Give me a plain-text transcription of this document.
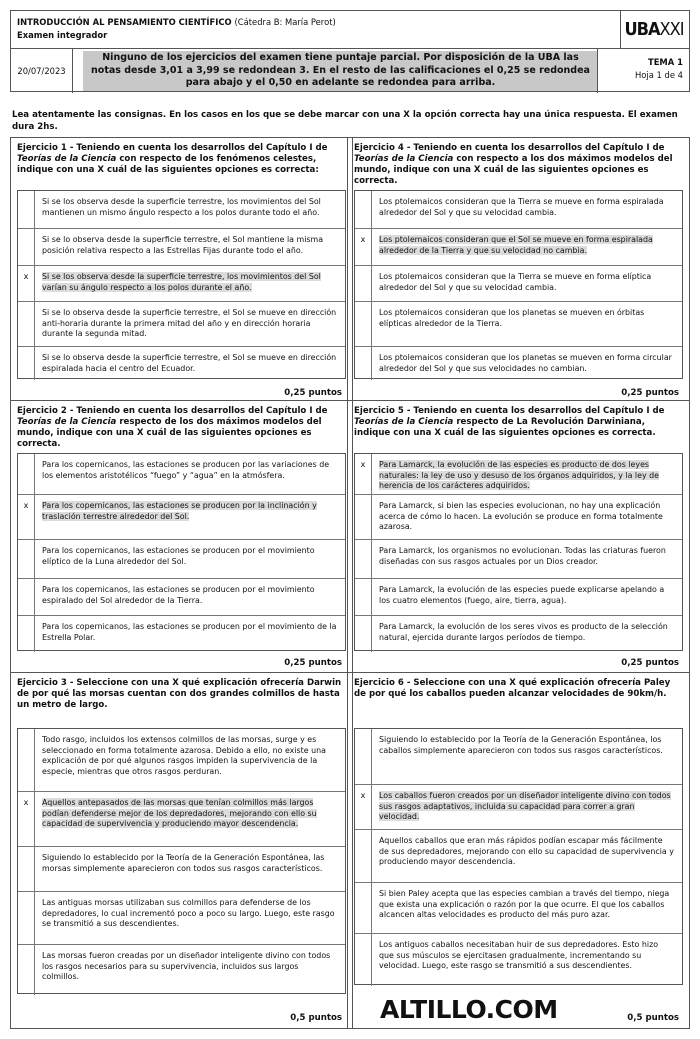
INTRODUCCIÓN AL PENSAMIENTO CIENTÍFICO (Cátedra B: María Perot)
Examen integrador	UBA XXI
20/07/2023
Ninguno de los ejercicios del examen tiene puntaje parcial. Por disposición de la UBA las notas desde 3,01 a 3,99 se redondean 3. En el resto de las calificaciones el 0,25 se redondea para abajo y el 0,50 en adelante se redondea para arriba.
TEMA 1
Hoja 1 de 4
Lea atentamente las consignas. En los casos en los que se debe marcar con una X la opción correcta hay una única respuesta. El examen dura 2hs.
Ejercicio 1 - Teniendo en cuenta los desarrollos del Capítulo I de Teorías de la Ciencia con respecto de los fenómenos celestes, indique con una X cuál de las siguientes opciones es correcta:
Si se los observa desde la superficie terrestre, los movimientos del Sol mantienen un mismo ángulo respecto a los polos durante todo el año.
Si se lo observa desde la superficie terrestre, el Sol mantiene la misma posición relativa respecto a las Estrellas Fijas durante todo el año.
x	Si se los observa desde la superficie terrestre, los movimientos del Sol varían su ángulo respecto a los polos durante el año.
Si se lo observa desde la superficie terrestre, el Sol se mueve en dirección anti-horaria durante la primera mitad del año y en dirección horaria durante la segunda mitad.
Si se lo observa desde la superficie terrestre, el Sol se mueve en dirección espiralada hacia el centro del Ecuador.
0,25 puntos
Ejercicio 2 - Teniendo en cuenta los desarrollos del Capítulo I de Teorías de la Ciencia respecto de los dos máximos modelos del mundo, indique con una X cuál de las siguientes opciones es correcta.
Para los copernicanos, las estaciones se producen por las variaciones de los elementos aristotélicos “fuego” y “agua” en la atmósfera.
x	Para los copernicanos, las estaciones se producen por la inclinación y traslación terrestre alrededor del Sol.
Para los copernicanos, las estaciones se producen por el movimiento elíptico de la Luna alrededor del Sol.
Para los copernicanos, las estaciones se producen por el movimiento espiralado del Sol alrededor de la Tierra.
Para los copernicanos, las estaciones se producen por el movimiento de la Estrella Polar.
0,25 puntos
Ejercicio 3 - Seleccione con una X qué explicación ofrecería Darwin de por qué las morsas cuentan con dos grandes colmillos de hasta un metro de largo.
Todo rasgo, incluidos los extensos colmillos de las morsas, surge y es seleccionado en forma totalmente azarosa. Debido a ello, no existe una explicación de por qué algunos rasgos impiden la supervivencia de la especie, mientras que otros rasgos perduran.
x	Aquellos antepasados de las morsas que tenían colmillos más largos podían defenderse mejor de los depredadores, mejorando con ello su capacidad de supervivencia y produciendo mayor descendencia.
Siguiendo lo establecido por la Teoría de la Generación Espontánea, las morsas simplemente aparecieron con todos sus rasgos característicos.
Las antiguas morsas utilizaban sus colmillos para defenderse de los depredadores, lo cual incrementó poco a poco su largo. Luego, este rasgo se transmitió a sus descendientes.
Las morsas fueron creadas por un diseñador inteligente divino con todos los rasgos necesarios para su supervivencia, incluidos sus largos colmillos.
0,5 puntos
Ejercicio 4 - Teniendo en cuenta los desarrollos del Capítulo I de Teorías de la Ciencia con respecto a los dos máximos modelos del mundo, indique con una X cuál de las siguientes opciones es correcta.
Los ptolemaicos consideran que la Tierra se mueve en forma espiralada alrededor del Sol y que su velocidad cambia.
x	Los ptolemaicos consideran que el Sol se mueve en forma espiralada alrededor de la Tierra y que su velocidad no cambia.
Los ptolemaicos consideran que la Tierra se mueve en forma elíptica alrededor del Sol y que su velocidad cambia.
Los ptolemaicos consideran que los planetas se mueven en órbitas elípticas alrededor de la Tierra.
Los ptolemaicos consideran que los planetas se mueven en forma circular alrededor del Sol y que sus velocidades no cambian.
0,25 puntos
Ejercicio 5 - Teniendo en cuenta los desarrollos del Capítulo I de Teorías de la Ciencia respecto de La Revolución Darwiniana, indique con una X cuál de las siguientes opciones es correcta.
x	Para Lamarck, la evolución de las especies es producto de dos leyes naturales: la ley de uso y desuso de los órganos adquiridos, y la ley de herencia de los carácteres adquiridos.
Para Lamarck, si bien las especies evolucionan, no hay una explicación acerca de cómo lo hacen. La evolución se produce en forma totalmente azarosa.
Para Lamarck, los organismos no evolucionan. Todas las criaturas fueron diseñadas con sus rasgos actuales por un Dios creador.
Para Lamarck, la evolución de las especies puede explicarse apelando a los cuatro elementos (fuego, aire, tierra, agua).
Para Lamarck, la evolución de los seres vivos es producto de la selección natural, ejercida durante largos períodos de tiempo.
0,25 puntos
Ejercicio 6 - Seleccione con una X qué explicación ofrecería Paley de por qué los caballos pueden alcanzar velocidades de 90km/h.
Siguiendo lo establecido por la Teoría de la Generación Espontánea, los caballos simplemente aparecieron con todos sus rasgos característicos.
x	Los caballos fueron creados por un diseñador inteligente divino con todos sus rasgos adaptativos, incluida su capacidad para correr a gran velocidad.
Aquellos caballos que eran más rápidos podían escapar más fácilmente de sus depredadores, mejorando con ello su capacidad de supervivencia y produciendo mayor descendencia.
Si bien Paley acepta que las especies cambian a través del tiempo, niega que exista una explicación o razón por la que ocurre. El que los caballos alcancen altas velocidades es producto del más puro azar.
Los antiguos caballos necesitaban huir de sus depredadores. Esto hizo que sus músculos se ejercitasen gradualmente, incrementando su velocidad. Luego, este rasgo se transmitió a sus descendientes.
0,5 puntos
ALTILLO.COM
